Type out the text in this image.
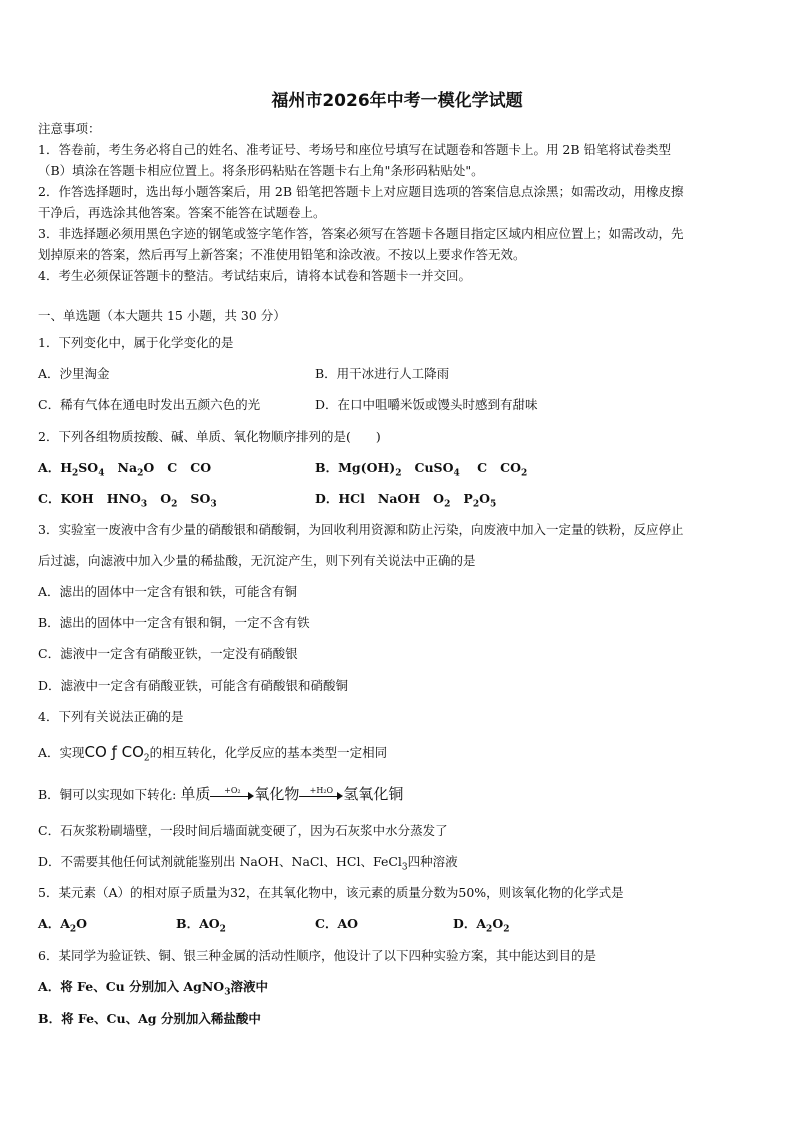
福州市2026年中考一模化学试题
注意事项：
1．答卷前，考生务必将自己的姓名、准考证号、考场号和座位号填写在试题卷和答题卡上。用 2B 铅笔将试卷类型
（B）填涂在答题卡相应位置上。将条形码粘贴在答题卡右上角"条形码粘贴处"。
2．作答选择题时，选出每小题答案后，用 2B 铅笔把答题卡上对应题目选项的答案信息点涂黑；如需改动，用橡皮擦
干净后，再选涂其他答案。答案不能答在试题卷上。
3．非选择题必须用黑色字迹的钢笔或签字笔作答，答案必须写在答题卡各题目指定区域内相应位置上；如需改动，先
划掉原来的答案，然后再写上新答案；不准使用铅笔和涂改液。不按以上要求作答无效。
4．考生必须保证答题卡的整洁。考试结束后，请将本试卷和答题卡一并交回。
一、单选题（本大题共 15 小题，共 30 分）
1．下列变化中，属于化学变化的是
A．沙里淘金	B．用干冰进行人工降雨
C．稀有气体在通电时发出五颜六色的光	D．在口中咀嚼米饭或馒头时感到有甜味
2．下列各组物质按酸、碱、单质、氧化物顺序排列的是(　　)
A．$H_2SO_4$   $Na_2O$   C   CO	B．$Mg(OH)_2$   CuSO$_4$    C   $CO_2$
C．KOH   $HNO_3$   $O_2$   $SO_3$	D．HCl   NaOH   $O_2$   $P_2O_5$
3．实验室一废液中含有少量的硝酸银和硝酸铜，为回收利用资源和防止污染，向废液中加入一定量的铁粉，反应停止
后过滤，向滤液中加入少量的稀盐酸，无沉淀产生，则下列有关说法中正确的是
A．滤出的固体中一定含有银和铁，可能含有铜
B．滤出的固体中一定含有银和铜，一定不含有铁
C．滤液中一定含有硝酸亚铁，一定没有硝酸银
D．滤液中一定含有硝酸亚铁，可能含有硝酸银和硝酸铜
4．下列有关说法正确的是
A．实现CO ƒ $CO_2$的相互转化，化学反应的基本类型一定相同
B．铜可以实现如下转化: 单质	+O₂ 氧化物	+H₂O 氢氧化铜
C．石灰浆粉刷墙壁，一段时间后墙面就变硬了，因为石灰浆中水分蒸发了
D．不需要其他任何试剂就能鉴别出 NaOH、NaCl、HCl、FeCl$_3$四种溶液
5．某元素（A）的相对原子质量为32，在其氧化物中，该元素的质量分数为50%，则该氧化物的化学式是
A．$A_2O$	B．$AO_2$	C．AO	D．$A_2O_2$
6．某同学为验证铁、铜、银三种金属的活动性顺序，他设计了以下四种实验方案，其中能达到目的是
A．将 Fe、Cu 分别加入 AgNO$_3$溶液中
B．将 Fe、Cu、Ag 分别加入稀盐酸中
